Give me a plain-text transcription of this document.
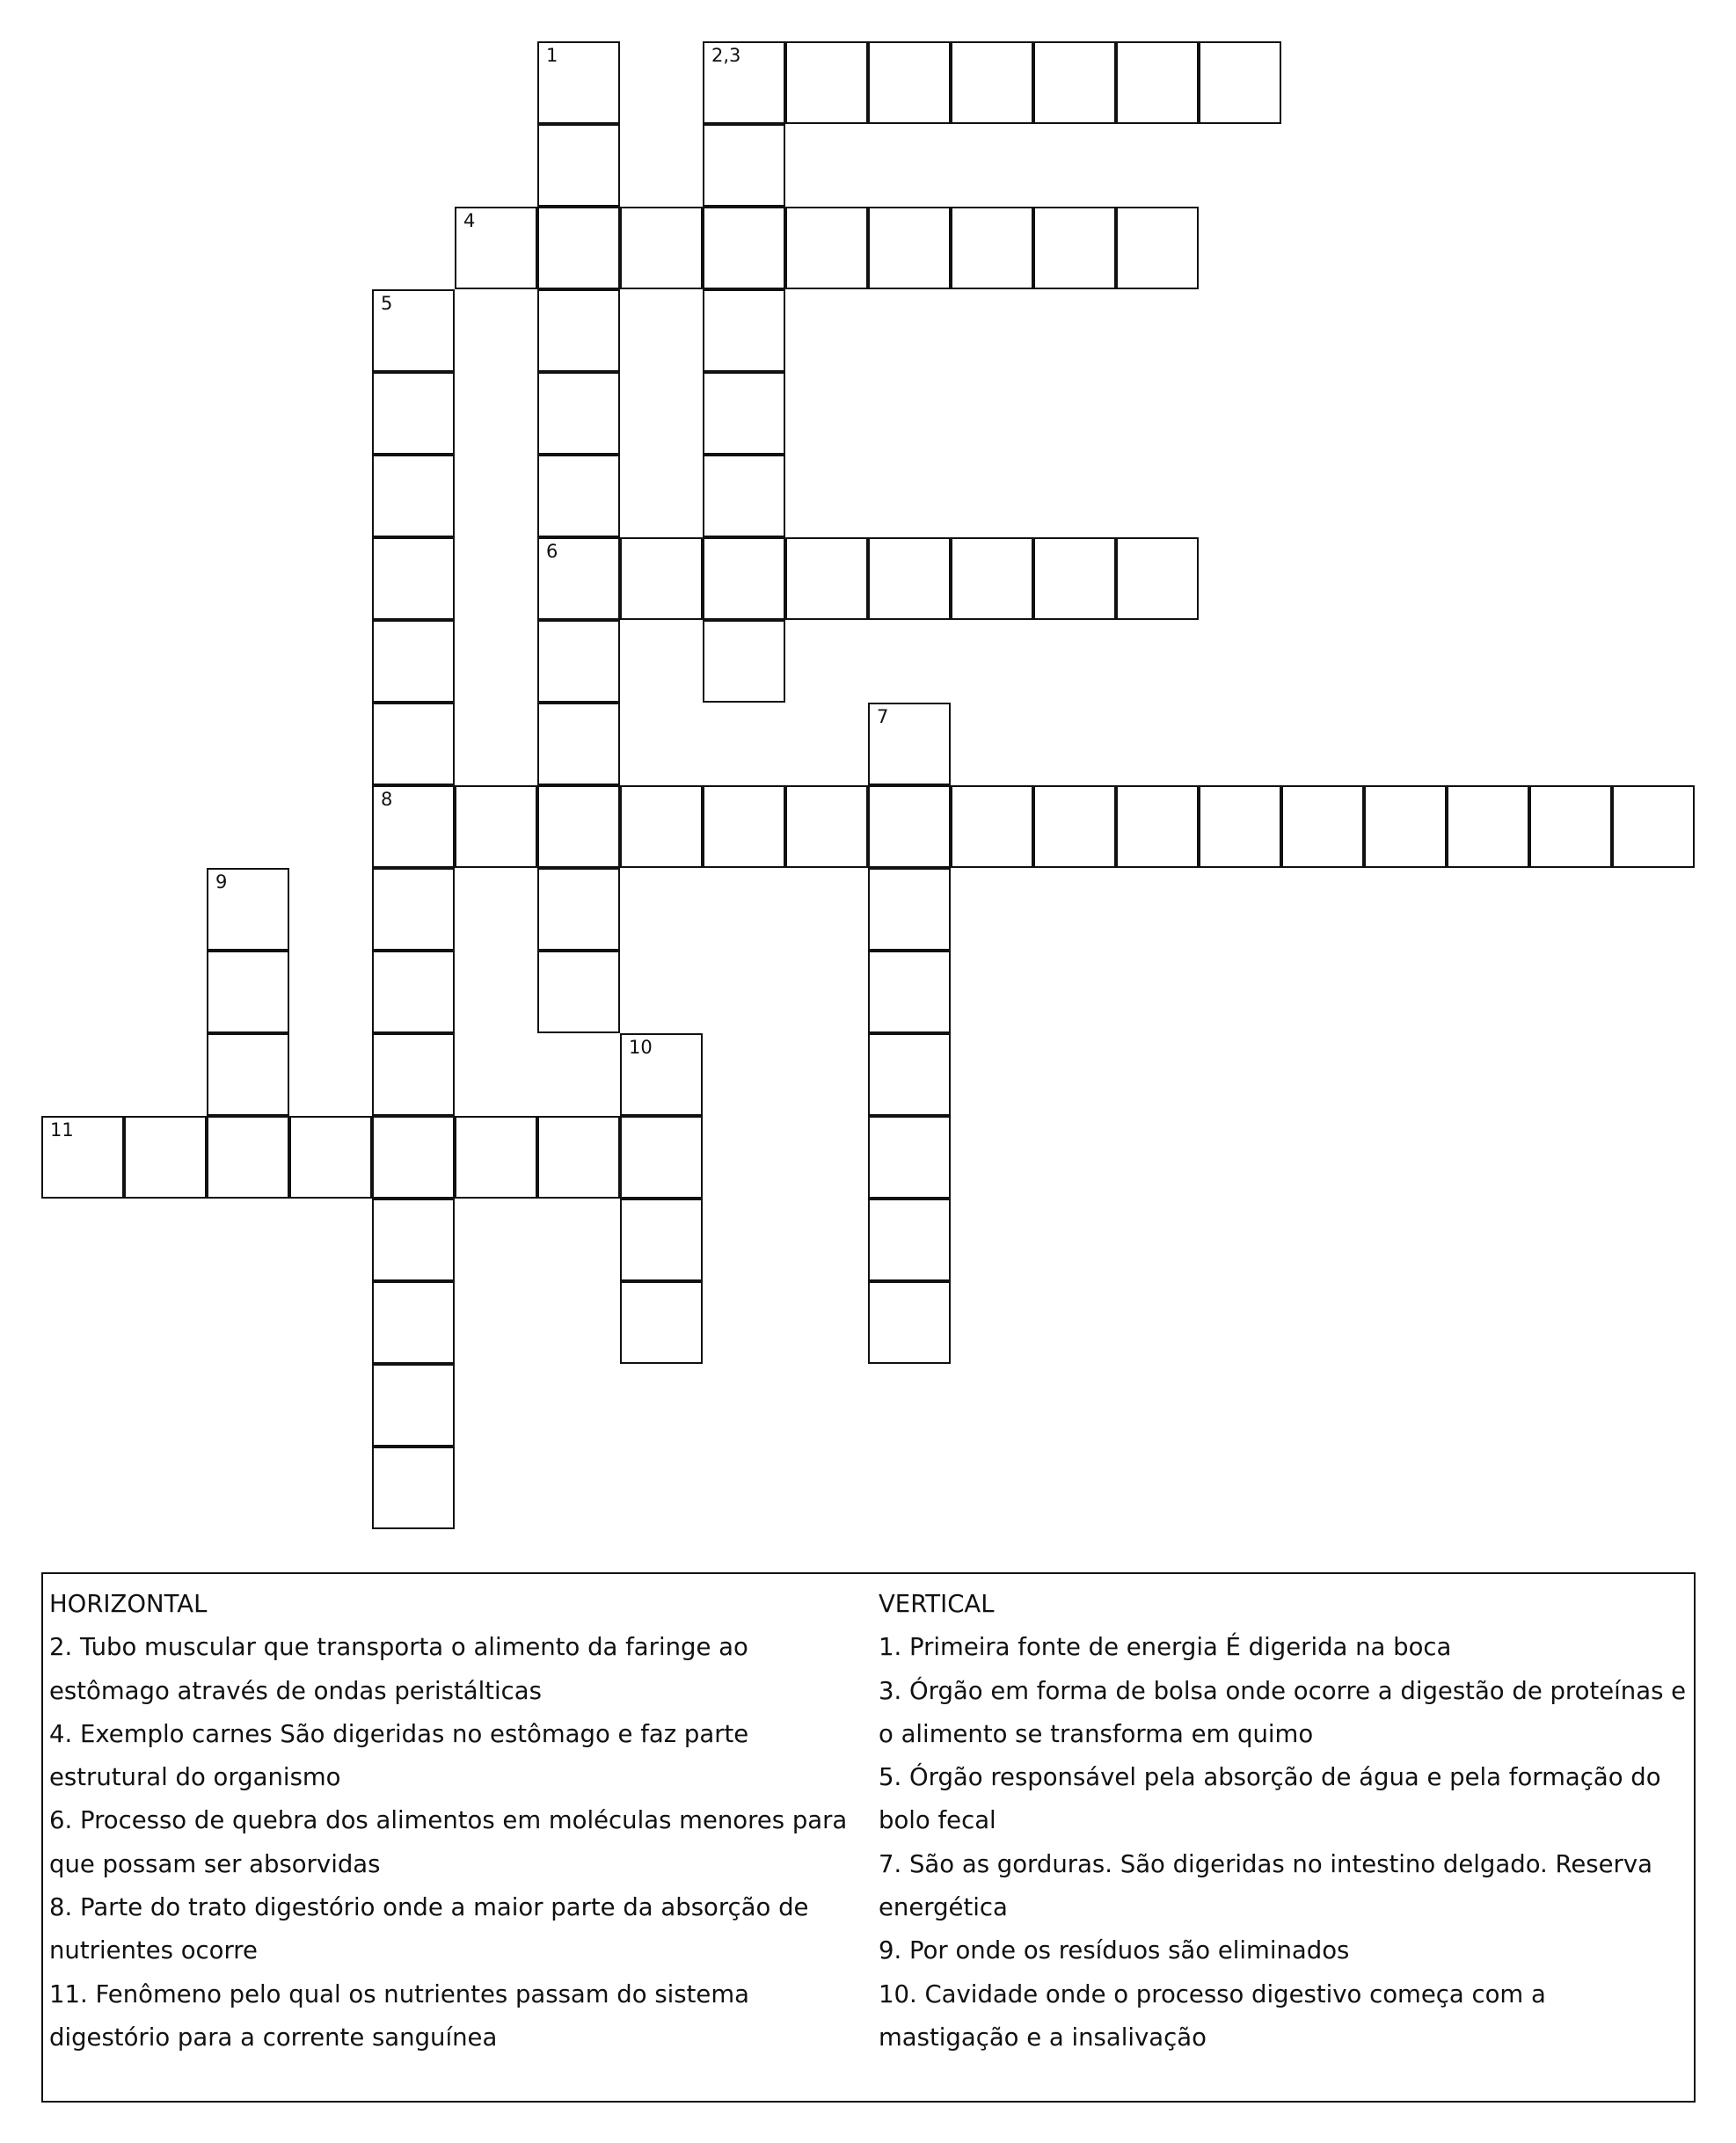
1
6
2,3
4
5
8
7
9
10
11
HORIZONTAL
2. Tubo muscular que transporta o alimento da faringe ao estômago através de ondas peristálticas
4. Exemplo carnes São digeridas no estômago e faz parte estrutural do organismo
6. Processo de quebra dos alimentos em moléculas menores para que possam ser absorvidas
8. Parte do trato digestório onde a maior parte da absorção de nutrientes ocorre
11. Fenômeno pelo qual os nutrientes passam do sistema digestório para a corrente sanguínea
VERTICAL
1. Primeira fonte de energia É digerida na boca
3. Órgão em forma de bolsa onde ocorre a digestão de proteínas e o alimento se transforma em quimo
5. Órgão responsável pela absorção de água e pela formação do bolo fecal
7. São as gorduras. São digeridas no intestino delgado. Reserva energética
9. Por onde os resíduos são eliminados
10. Cavidade onde o processo digestivo começa com a mastigação e a insalivação
